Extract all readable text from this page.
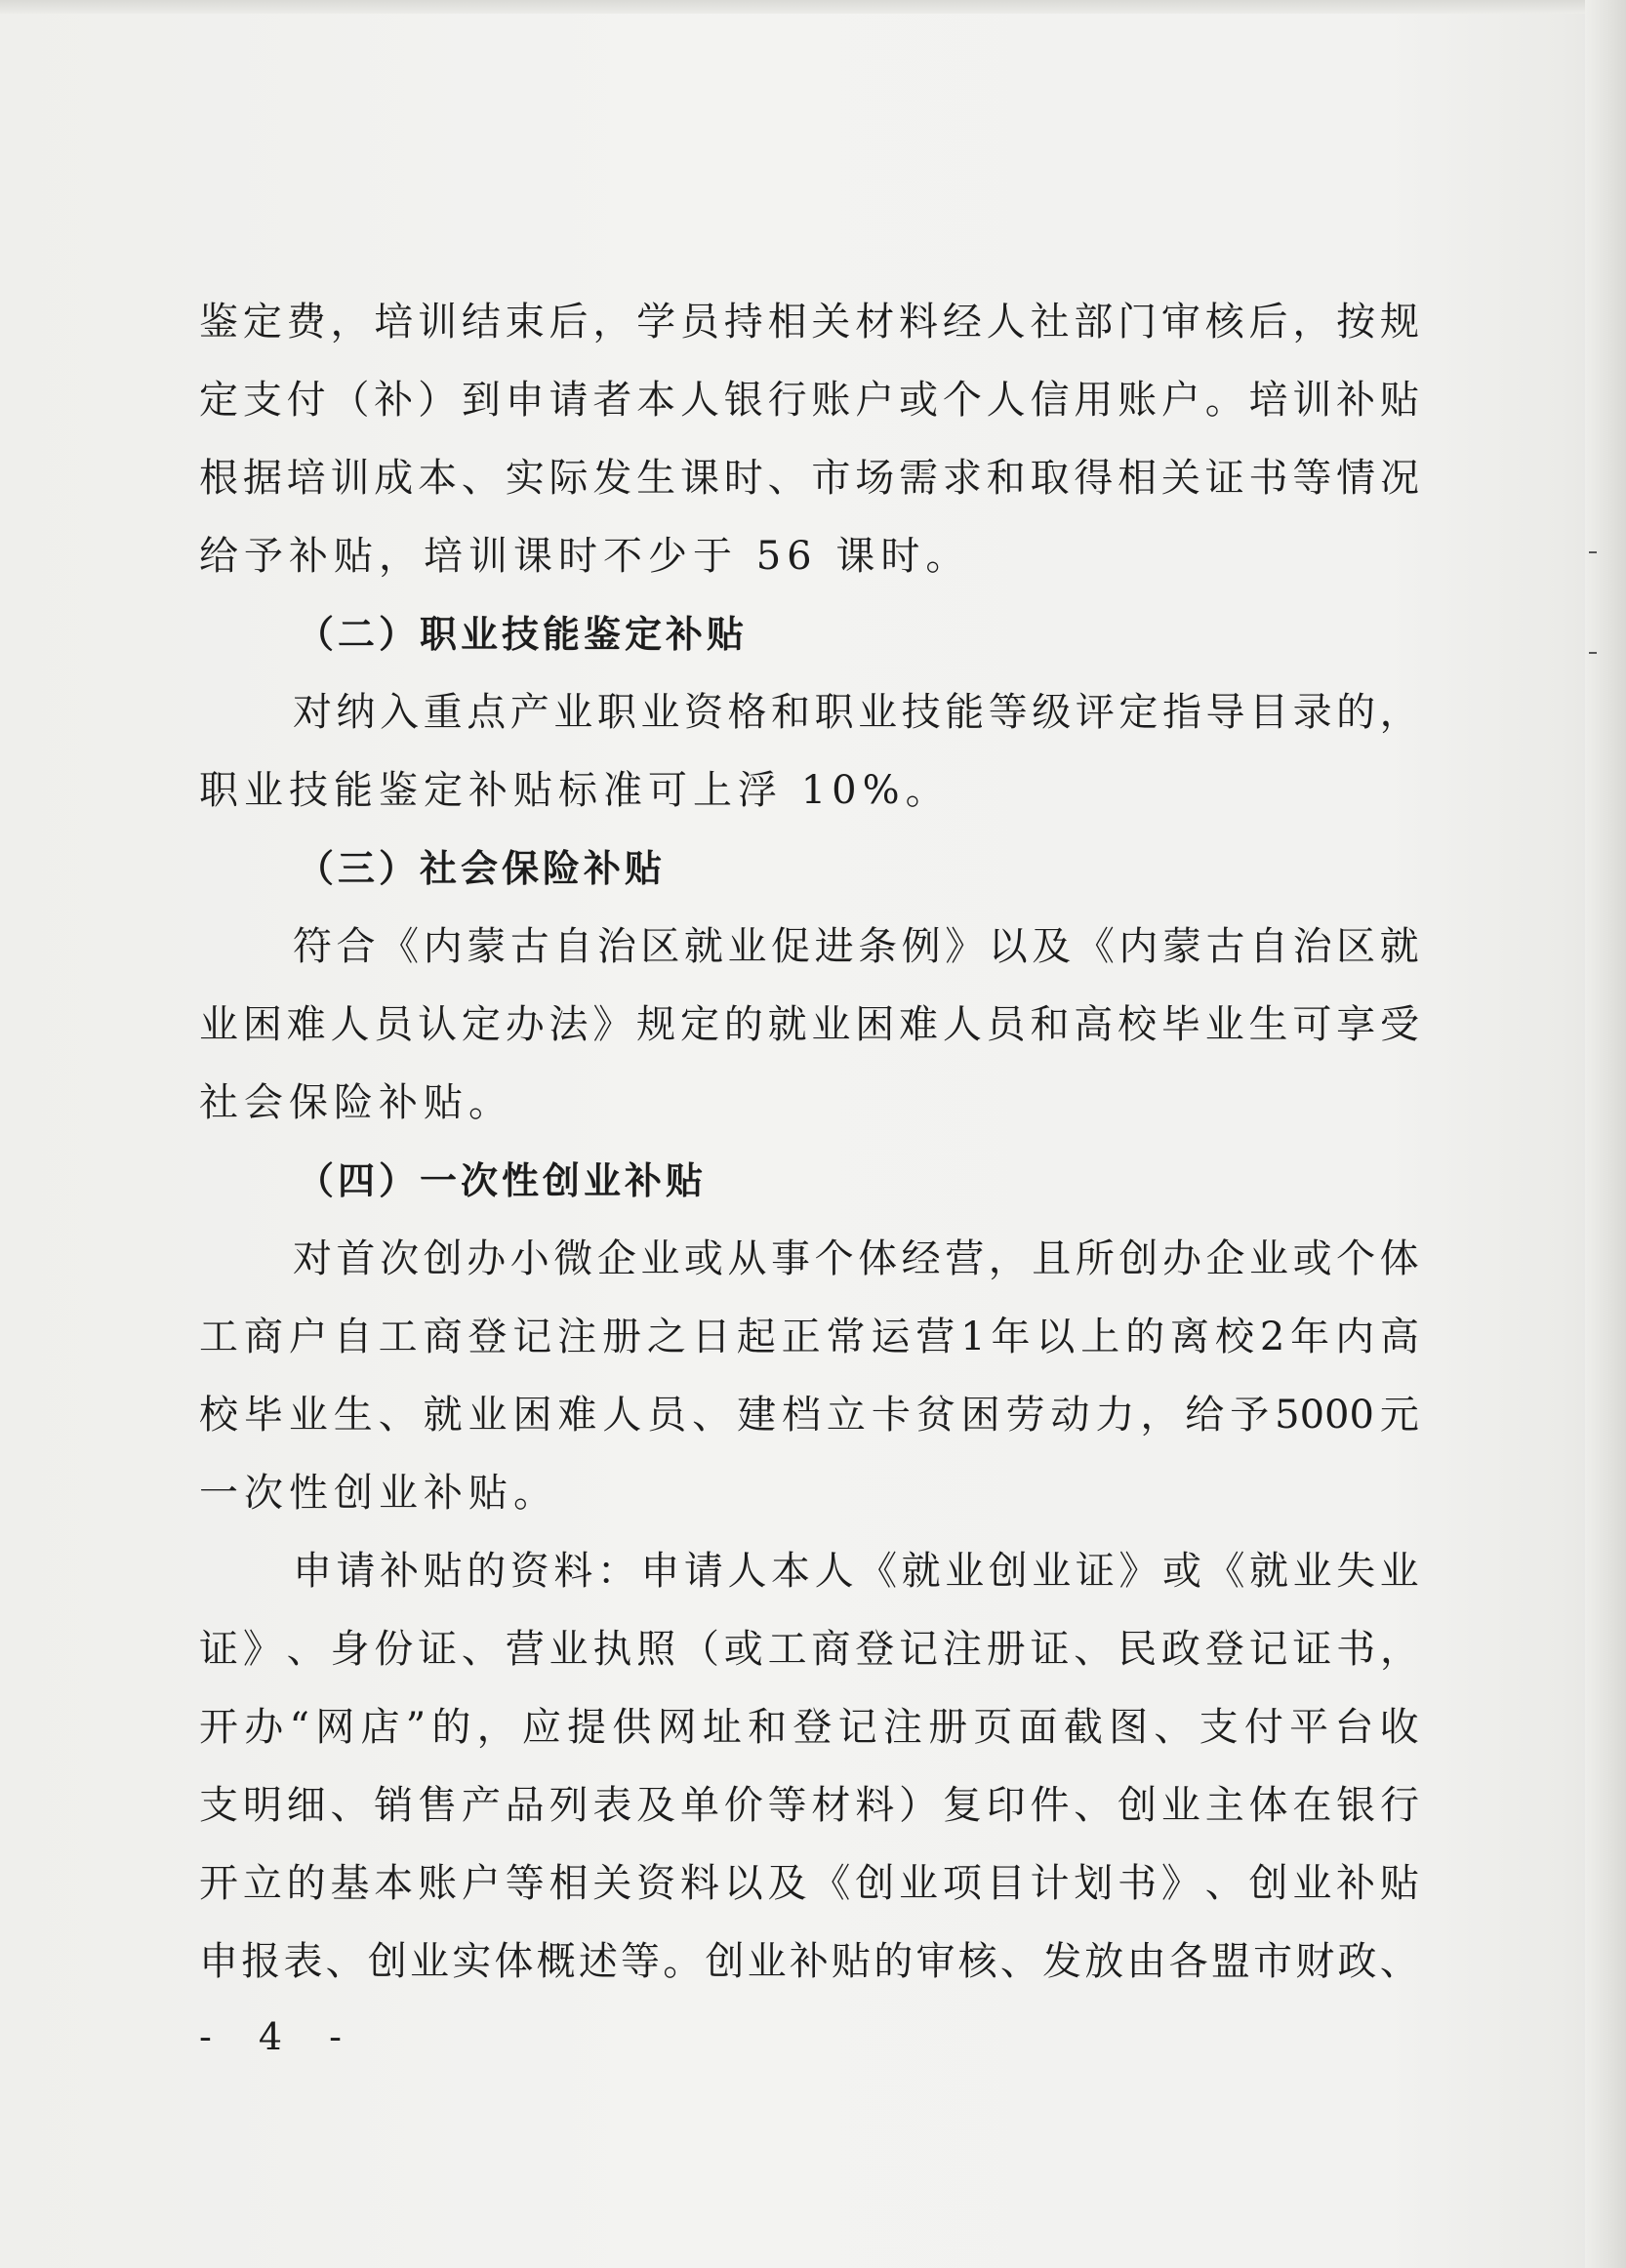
鉴 定 费 ， 培 训 结 束 后 ， 学 员 持 相 关 材 料 经 人 社 部 门 审 核 后 ， 按 规
定 支 付 （ 补 ） 到 申 请 者 本 人 银 行 账 户 或 个 人 信 用 账 户 。 培 训 补 贴
根 据 培 训 成 本 、 实 际 发 生 课 时 、 市 场 需 求 和 取 得 相 关 证 书 等 情 况
给予补贴，培训课时不少于 56 课时。
（二）职业技能鉴定补贴
对 纳 入 重 点 产 业 职 业 资 格 和 职 业 技 能 等 级 评 定 指 导 目 录 的 ，
职业技能鉴定补贴标准可上浮 10%。
（三）社会保险补贴
符 合 《 内 蒙 古 自 治 区 就 业 促 进 条 例 》 以 及 《 内 蒙 古 自 治 区 就
业 困 难 人 员 认 定 办 法 》 规 定 的 就 业 困 难 人 员 和 高 校 毕 业 生 可 享 受
社会保险补贴。
（四）一次性创业补贴
对 首 次 创 办 小 微 企 业 或 从 事 个 体 经 营 ， 且 所 创 办 企 业 或 个 体
工 商 户 自 工 商 登 记 注 册 之 日 起 正 常 运 营 1 年 以 上 的 离 校 2 年 内 高
校 毕 业 生 、 就 业 困 难 人 员 、 建 档 立 卡 贫 困 劳 动 力 ， 给 予 5000 元
一次性创业补贴。
申 请 补 贴 的 资 料 ： 申 请 人 本 人 《 就 业 创 业 证 》 或 《 就 业 失 业
证 》 、 身 份 证 、 营 业 执 照 （ 或 工 商 登 记 注 册 证 、 民 政 登 记 证 书 ，
开 办 “ 网 店 ” 的 ， 应 提 供 网 址 和 登 记 注 册 页 面 截 图 、 支 付 平 台 收
支 明 细 、 销 售 产 品 列 表 及 单 价 等 材 料 ） 复 印 件 、 创 业 主 体 在 银 行
开 立 的 基 本 账 户 等 相 关 资 料 以 及 《 创 业 项 目 计 划 书 》 、 创 业 补 贴
申 报 表 、 创 业 实 体 概 述 等 。 创 业 补 贴 的 审 核 、 发 放 由 各 盟 市 财 政 、
- 4 -
